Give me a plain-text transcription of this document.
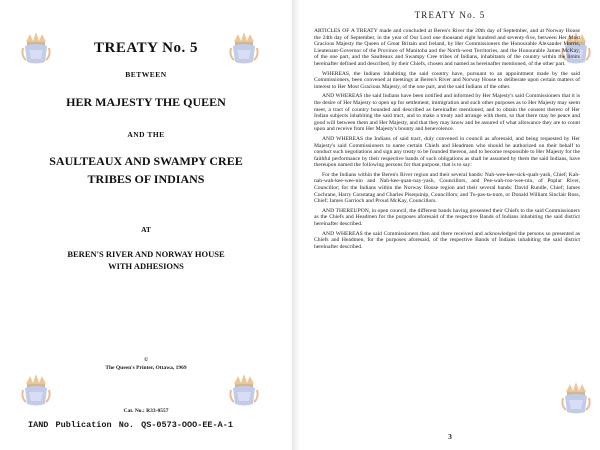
TREATY No. 5
BETWEEN
HER MAJESTY THE QUEEN
AND THE
SAULTEAUX AND SWAMPY CREE
TRIBES OF INDIANS
AT
BEREN'S RIVER AND NORWAY HOUSE
WITH ADHESIONS
©
The Queen's Printer, Ottawa, 1969
Cat. No.: R33-0557
IAND Publication No. QS-0573-OOO-EE-A-1
TREATY No. 5

ARTICLES OF A TREATY made and concluded at Beren's River the 20th day of September, and at Norway House the 24th day of September, in the year of Our Lord one thousand eight hundred and seventy-five, between Her Most Gracious Majesty the Queen of Great Britain and Ireland, by Her Commissioners the Honourable Alexander Morris, Lieutenant-Governor of the Province of Manitoba and the North-west Territories, and the Honourable James McKay, of the one part, and the Saulteaux and Swampy Cree tribes of Indians, inhabitants of the country within the limits hereinafter defined and described, by their Chiefs, chosen and named as hereinafter mentioned, of the other part.

WHEREAS, the Indians inhabiting the said country have, pursuant to an appointment made by the said Commissioners, been convened at meetings at Beren's River and Norway House to deliberate upon certain matters of interest to Her Most Gracious Majesty, of the one part, and the said Indians of the other.

AND WHEREAS the said Indians have been notified and informed by Her Majesty's said Commissioners that it is the desire of Her Majesty to open up for settlement, immigration and such other purposes as to Her Majesty may seem meet, a tract of country bounded and described as hereinafter mentioned, and to obtain the consent thereto of Her Indian subjects inhabiting the said tract, and to make a treaty and arrange with them, so that there may be peace and good will between them and Her Majesty, and that they may know and be assured of what allowance they are to count upon and receive from Her Majesty's bounty and benevolence.

AND WHEREAS the Indians of said tract, duly convened in council as aforesaid, and being requested by Her Majesty's said Commissioners to name certain Chiefs and Headmen who should be authorized on their behalf to conduct such negotiations and sign any treaty to be founded thereon, and to become responsible to Her Majesty for the faithful performance by their respective bands of such obligations as shall be assumed by them the said Indians, have thereupon named the following persons for that purpose, that is to say:

For the Indians within the Beren's River region and their several bands: Nah-wee-kee-sick-quah-yash, Chief; Kah-nah-wah-kee-wee-nin and Nah-kee-quan-nay-yash, Councillors, and Pee-wah-roo-wee-nin, of Poplar River, Councillor; for the Indians within the Norway House region and their several bands: David Rundle, Chief; James Cochrane, Harry Constatag and Charles Pisequinip, Councillors; and Tu-pas-ta-num, or Donald William Sinclair Ross, Chief; James Garrioch and Proud McKay, Councillors.

AND THEREUPON, in open council, the different bands having presented their Chiefs to the said Commissioners as the Chiefs and Headmen for the purposes aforesaid of the respective Bands of Indians inhabiting the said district hereinafter described.

AND WHEREAS the said Commissioners then and there received and acknowledged the persons so presented as Chiefs and Headmen, for the purposes aforesaid, of the respective Bands of Indians inhabiting the said district hereinafter described.

3
